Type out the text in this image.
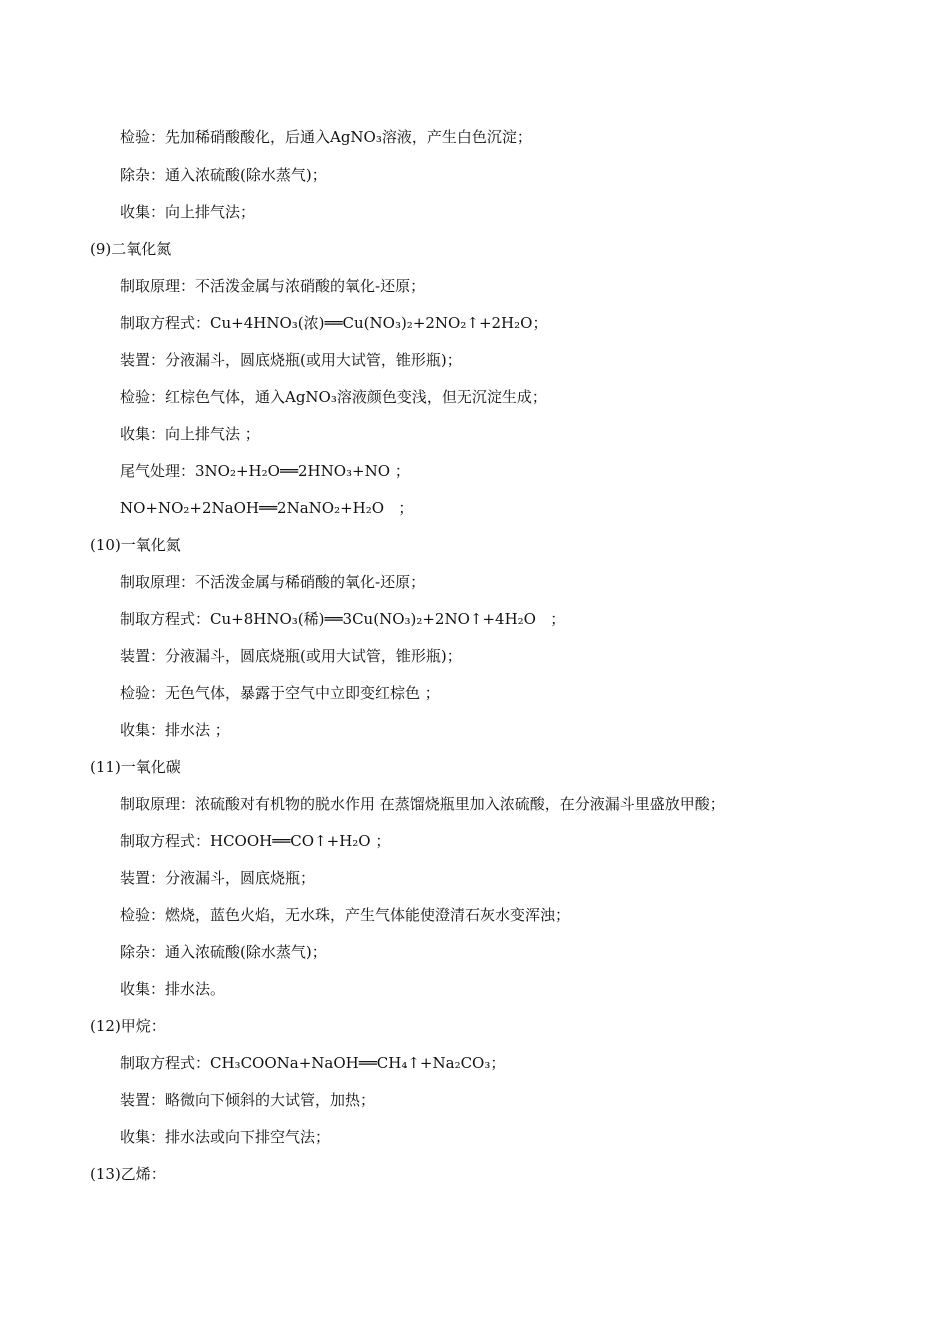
检验：先加稀硝酸酸化，后通入AgNO₃溶液，产生白色沉淀；
除杂：通入浓硫酸(除水蒸气)；
收集：向上排气法；
(9)二氧化氮
制取原理：不活泼金属与浓硝酸的氧化-还原；
制取方程式：Cu+4HNO₃(浓)══Cu(NO₃)₂+2NO₂↑+2H₂O；
装置：分液漏斗，圆底烧瓶(或用大试管，锥形瓶)；
检验：红棕色气体，通入AgNO₃溶液颜色变浅，但无沉淀生成；
收集：向上排气法 ；
尾气处理：3NO₂+H₂O══2HNO₃+NO ；
NO+NO₂+2NaOH══2NaNO₂+H₂O   ；
(10)一氧化氮
制取原理：不活泼金属与稀硝酸的氧化-还原；
制取方程式：Cu+8HNO₃(稀)══3Cu(NO₃)₂+2NO↑+4H₂O   ；
装置：分液漏斗，圆底烧瓶(或用大试管，锥形瓶)；
检验：无色气体，暴露于空气中立即变红棕色 ；
收集：排水法 ；
(11)一氧化碳
制取原理：浓硫酸对有机物的脱水作用 在蒸馏烧瓶里加入浓硫酸，在分液漏斗里盛放甲酸；
制取方程式：HCOOH══CO↑+H₂O ；
装置：分液漏斗，圆底烧瓶；
检验：燃烧，蓝色火焰，无水珠，产生气体能使澄清石灰水变浑浊；
除杂：通入浓硫酸(除水蒸气)；
收集：排水法。
(12)甲烷：
制取方程式：CH₃COONa+NaOH══CH₄↑+Na₂CO₃；
装置：略微向下倾斜的大试管，加热；
收集：排水法或向下排空气法；
(13)乙烯：
